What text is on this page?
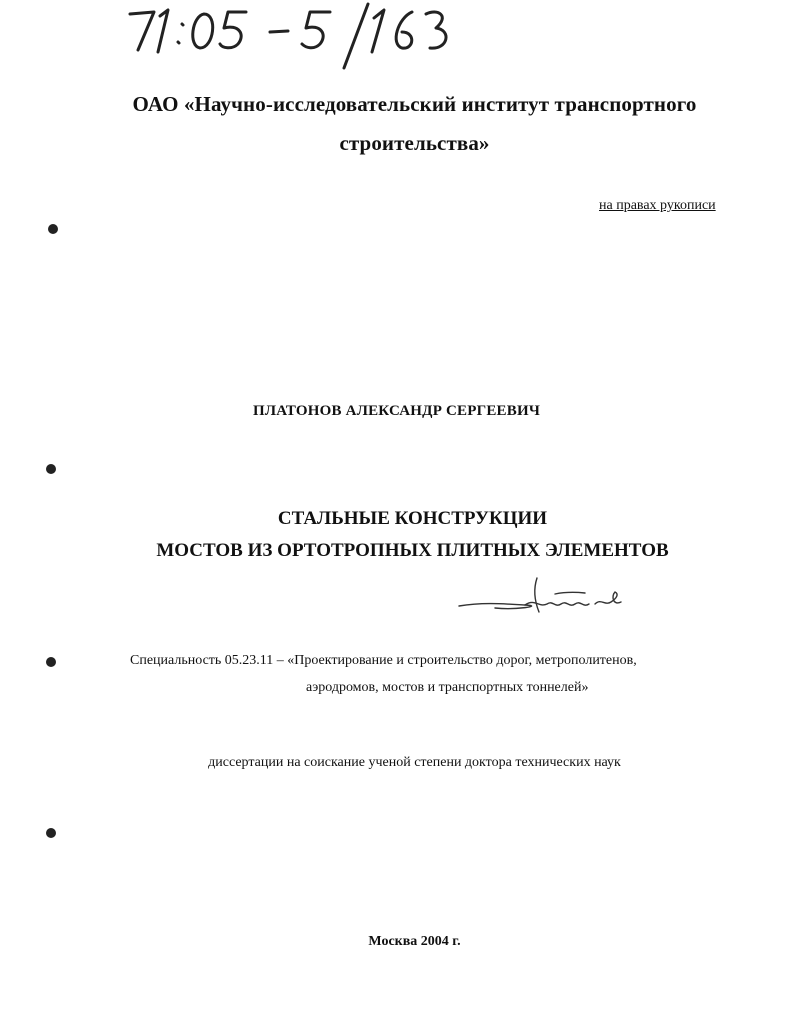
ОАО «Научно-исследовательский институт транспортного
строительства»
на правах рукописи
ПЛАТОНОВ АЛЕКСАНДР СЕРГЕЕВИЧ
СТАЛЬНЫЕ КОНСТРУКЦИИ
МОСТОВ ИЗ ОРТОТРОПНЫХ ПЛИТНЫХ ЭЛЕМЕНТОВ
Специальность 05.23.11 – «Проектирование и строительство дорог, метрополитенов,
аэродромов, мостов и транспортных тоннелей»
диссертации на соискание ученой степени доктора технических наук
Москва 2004 г.
